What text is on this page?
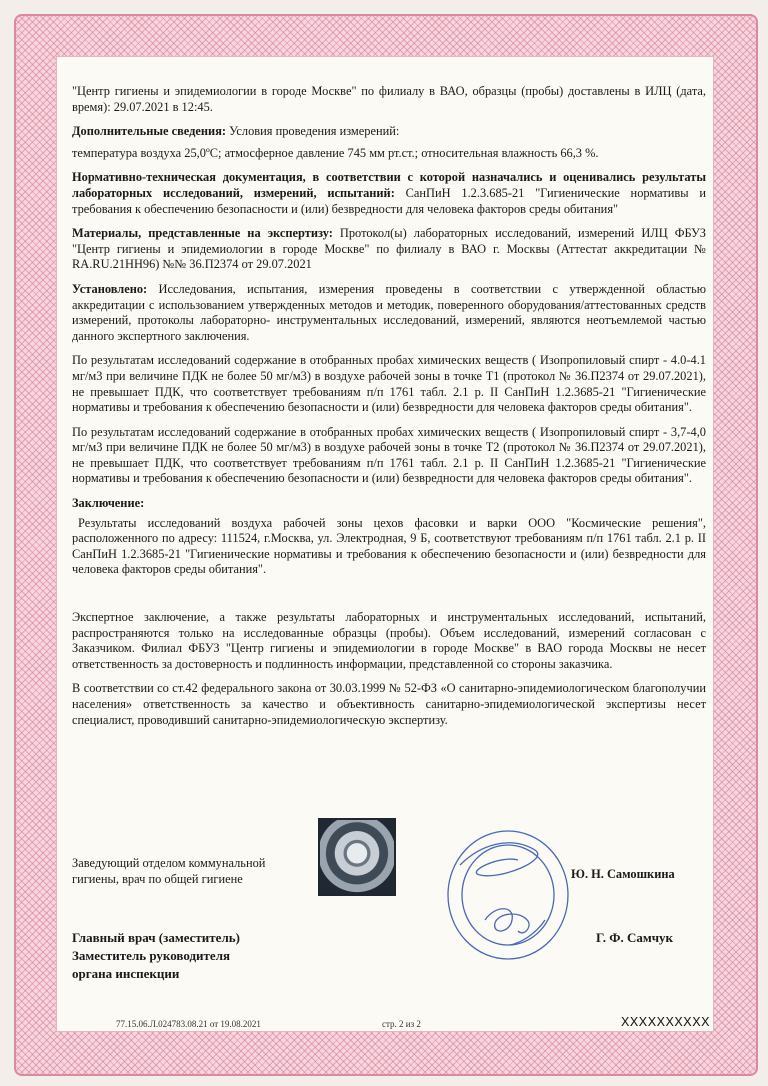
"Центр гигиены и эпидемиологии в городе Москве" по филиалу в ВАО, образцы (пробы) доставлены в ИЛЦ (дата, время): 29.07.2021 в 12:45.

Дополнительные сведения: Условия проведения измерений:

температура воздуха 25,0ºС; атмосферное давление 745 мм рт.ст.; относительная влажность 66,3 %.

Нормативно-техническая документация, в соответствии с которой назначались и оценивались результаты лабораторных исследований, измерений, испытаний: СанПиН 1.2.3.685-21 "Гигиенические нормативы и требования к обеспечению безопасности и (или) безвредности для человека факторов среды обитания"

Материалы, представленные на экспертизу: Протокол(ы) лабораторных исследований, измерений ИЛЦ ФБУЗ "Центр гигиены и эпидемиологии в городе Москве" по филиалу в ВАО г. Москвы (Аттестат аккредитации № RA.RU.21НН96) №№ 36.П2374 от 29.07.2021

Установлено: Исследования, испытания, измерения проведены в соответствии с утвержденной областью аккредитации с использованием утвержденных методов и методик, поверенного оборудования/аттестованных средств измерений, протоколы лабораторно- инструментальных исследований, измерений, являются неотъемлемой частью данного экспертного заключения.

По результатам исследований содержание в отобранных пробах химических веществ ( Изопропиловый спирт - 4.0-4.1 мг/м3 при величине ПДК не более 50 мг/м3) в воздухе рабочей зоны в точке Т1 (протокол № 36.П2374 от 29.07.2021), не превышает ПДК, что соответствует требованиям п/п 1761 табл. 2.1 р. II СанПиН 1.2.3685-21 "Гигиенические нормативы и требования к обеспечению безопасности и (или) безвредности для человека факторов среды обитания".

По результатам исследований содержание в отобранных пробах химических веществ ( Изопропиловый спирт - 3,7-4,0 мг/м3 при величине ПДК не более 50 мг/м3) в воздухе рабочей зоны в точке Т2 (протокол № 36.П2374 от 29.07.2021), не превышает ПДК, что соответствует требованиям п/п 1761 табл. 2.1 р. II СанПиН 1.2.3685-21 "Гигиенические нормативы и требования к обеспечению безопасности и (или) безвредности для человека факторов среды обитания".

Заключение:

Результаты исследований воздуха рабочей зоны цехов фасовки и варки ООО "Космические решения", расположенного по адресу: 111524, г.Москва, ул. Электродная, 9 Б, соответствуют требованиям п/п 1761 табл. 2.1 р. II СанПиН 1.2.3685-21 "Гигиенические нормативы и требования к обеспечению безопасности и (или) безвредности для человека факторов среды обитания".

Экспертное заключение, а также результаты лабораторных и инструментальных исследований, испытаний, распространяются только на исследованные образцы (пробы). Объем исследований, измерений согласован с Заказчиком. Филиал ФБУЗ "Центр гигиены и эпидемиологии в городе Москве" в ВАО города Москвы не несет ответственность за достоверность и подлинность информации, представленной со стороны заказчика.

В соответствии со ст.42 федерального закона от 30.03.1999 № 52-ФЗ «О санитарно-эпидемиологическом благополучии населения» ответственность за качество и объективность санитарно-эпидемиологической экспертизы несет специалист, проводивший санитарно-эпидемиологическую экспертизу.

Заведующий отделом коммунальной гигиены, врач по общей гигиене	Ю. Н. Самошкина
Главный врач (заместитель)
Заместитель руководителя
органа инспекции
Г. Ф. Самчук
77.15.06.Л.024783.08.21 от 19.08.2021	стр. 2 из 2	XXXXXXXXXX
